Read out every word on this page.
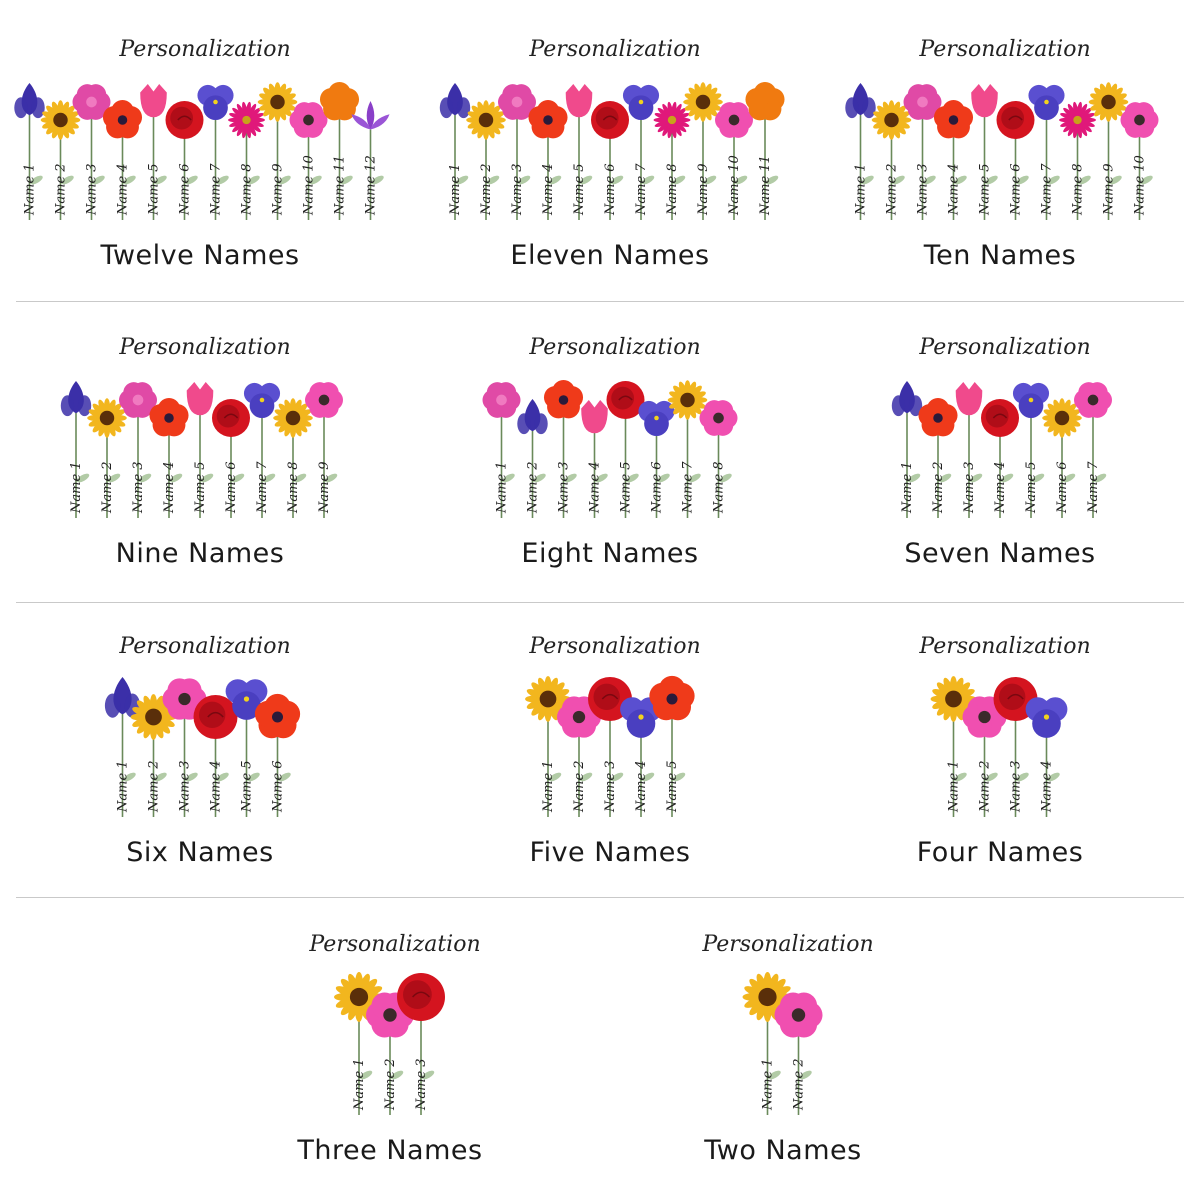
Personalization
Name 1 Name 2 Name 3 Name 4 Name 5 Name 6 Name 7 Name 8 Name 9 Name 10 Name 11 Name 12
Twelve Names
Personalization
Name 1 Name 2 Name 3 Name 4 Name 5 Name 6 Name 7 Name 8 Name 9 Name 10 Name 11
Eleven Names
Personalization
Name 1 Name 2 Name 3 Name 4 Name 5 Name 6 Name 7 Name 8 Name 9 Name 10
Ten Names
Personalization
Name 1 Name 2 Name 3 Name 4 Name 5 Name 6 Name 7 Name 8 Name 9
Nine Names
Personalization
Name 1 Name 2 Name 3 Name 4 Name 5 Name 6 Name 7 Name 8
Eight Names
Personalization
Name 1 Name 2 Name 3 Name 4 Name 5 Name 6 Name 7
Seven Names
Personalization
Name 1 Name 2 Name 3 Name 4 Name 5 Name 6
Six Names
Personalization
Name 1 Name 2 Name 3 Name 4 Name 5
Five Names
Personalization
Name 1 Name 2 Name 3 Name 4
Four Names
Personalization
Name 1 Name 2 Name 3
Three Names
Personalization
Name 1 Name 2
Two Names
